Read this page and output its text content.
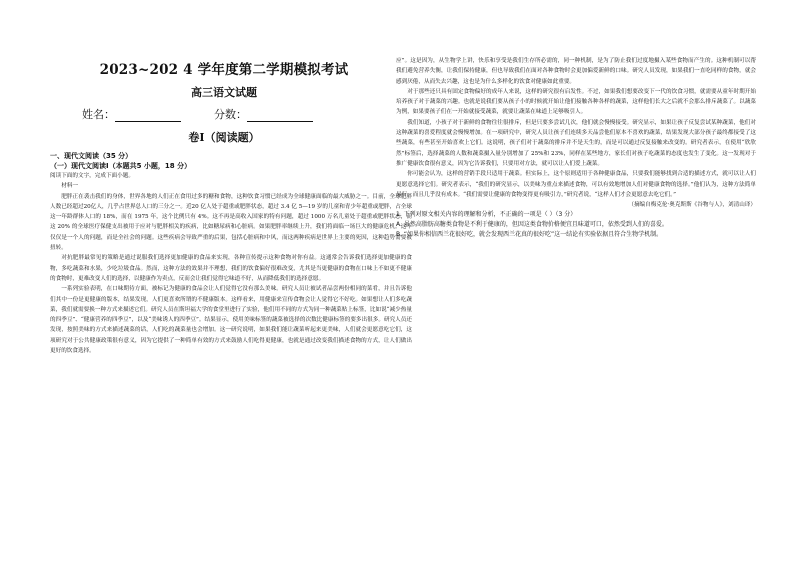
2023~202 4 学年度第二学期模拟考试
高三语文试题
姓名：	分数：
卷Ⅰ（阅读题）
一、现代文阅读（35 分）
（一）现代文阅读Ⅰ（本题共5 小题，18 分）
阅读下面的文字，完成下面小题。
材料一
肥胖正在袭击我们的身体，世界各地的人们正在食用过多的糖和食物，这种饮食习惯已经成为全球健康面临的最大威胁之一。目前，全球肥胖人数已经超过20亿人，几乎占世界总人口的三分之一。近20 亿人处于超重或肥胖状态，超过 3.4 亿 5—19 岁的儿童和青少年超重或肥胖，占全球这一年龄群体人口的 18%，而在 1975 年，这个比例只有 4%。这不再是高收入国家的特有问题，超过 1000 万名儿童处于超重或肥胖状态，而这 20% 的全球医疗保健支出被用于应对与肥胖相关的疾病，比如糖尿病和心脏病。如果肥胖率继续上升，我们将面临一场巨大的健康危机。这不仅仅是一个人的问题，而是全社会的问题。这些疾病会导致严重的后果，包括心脏病和中风，而这两种疾病是世界上主要的死因，这种趋势需要被扭转。
对抗肥胖最常见的策略是通过说服我们选择更加健康的食品来实现，各种宣传提示这种食物对你有益。这通常会告诉我们选择更加健康的食物，多吃蔬菜和水果，少吃垃圾食品。然而，这种方法的效果并不理想，我们的饮食偏好很难改变，尤其是当更健康的食物在口味上不如更不健康的食物时，更难改变人们的选择，以健康作为卖点，反而会让我们觉得它味道不好，从而降低我们的选择意愿。
一系列实验表明，在口味期待方面，被标记为健康的食品会让人们觉得它没有那么美味。研究人员让被试者品尝两份相同的菜肴，并且告诉他们其中一份是更健康的版本，结果发现，人们更喜欢所谓的不健康版本。这样看来，用健康来宣传食物会让人觉得它不好吃。如果想让人们多吃蔬菜，我们就需要换一种方式来描述它们。研究人员在斯坦福大学的食堂里进行了实验，他们用不同的方式为同一种蔬菜贴上标签，比如说“减少热量的四季豆”、“健康营养的四季豆”，以及“美味诱人的四季豆”。结果显示，使用美味标签的蔬菜被选择的次数比健康标签的要多出很多。研究人员还发现，按照美味的方式来描述蔬菜的话，人们吃的蔬菜量也会增加。这一研究说明，如果我们能让蔬菜听起来更美味，人们就会更愿意吃它们，这项研究对于公共健康政策很有意义，因为它提供了一种简单有效的方式来鼓励人们吃得更健康，也就是通过改变我们描述食物的方式，让人们做出更好的饮食选择。
应”。这是因为，从生物学上讲，快乐和享受是我们生存所必需的，同一种机制，是为了防止我们过度地摄入某些食物而产生的。这种机制可以帮我们避免营养失衡，让我们保持健康，但也导致我们在面对各种食物时会更加偏爱新鲜的口味。研究人员发现，如果我们一直吃同样的食物，就会感到厌倦，从而失去兴趣，这也是为什么多样化的饮食对健康如此重要。
对于那些还只具有固定食物偏好的成年人来说，这样的研究很有启发性。不过，如果我们想要改变下一代的饮食习惯，就需要从童年时期开始培养孩子对于蔬菜的兴趣。也就是说我们要从孩子小的时候就开始让他们接触各种各样的蔬菜，这样他们长大之后就不会那么排斥蔬菜了。以蔬菜为例，如果要孩子们在一开始就接受蔬菜，就要让蔬菜在味道上足够吸引人。
我们知道，小孩子对于新鲜的食物往往很排斥，但是只要多尝试几次，他们就会慢慢接受。研究显示，如果让孩子反复尝试某种蔬菜，他们对这种蔬菜的喜爱程度就会慢慢增加。在一项研究中，研究人员让孩子们连续多天品尝他们原本不喜欢的蔬菜，结果发现大部分孩子最终都接受了这些蔬菜，有些甚至开始喜欢上它们。这说明，孩子们对于蔬菜的排斥并不是天生的，而是可以通过反复接触来改变的。研究者表示，在使用“欣欣然”标签后，选择蔬菜的人数和蔬菜摄入量分别增加了 25%和 23%，同样在某些地方，家长们对孩子吃蔬菜的态度也发生了变化。这一发现对于推广健康饮食很有意义，因为它告诉我们，只要用对方法，就可以让人们爱上蔬菜。
你可能会认为，这样的营销手段只适用于蔬菜。但实际上，这个原则适用于各种健康食品，只要我们能够找到合适的描述方式，就可以让人们更愿意选择它们。研究者表示，“我们的研究显示，以美味为重点来描述食物，可以有效地增加人们对健康食物的选择。”他们认为，这种方法简单易行，而且几乎没有成本。“我们需要让健康的食物变得更有吸引力，”研究者说，“这样人们才会更愿意去吃它们。”
（摘编自梅克伦·奥克斯斯《谷物与人》，刘清山译）
1. 下列对原文相关内容的理解和分析，不正确的一项是（ ）（3 分）
A. 虽然高脂肪高糖类食物是不利于健康的，但因这类食物价格便宜且味道可口，依然受到人们的喜爱。
B. “如果你相信西兰花很好吃，就会发现西兰花真的很好吃”这一结论有实验依据且符合生物学机制。
